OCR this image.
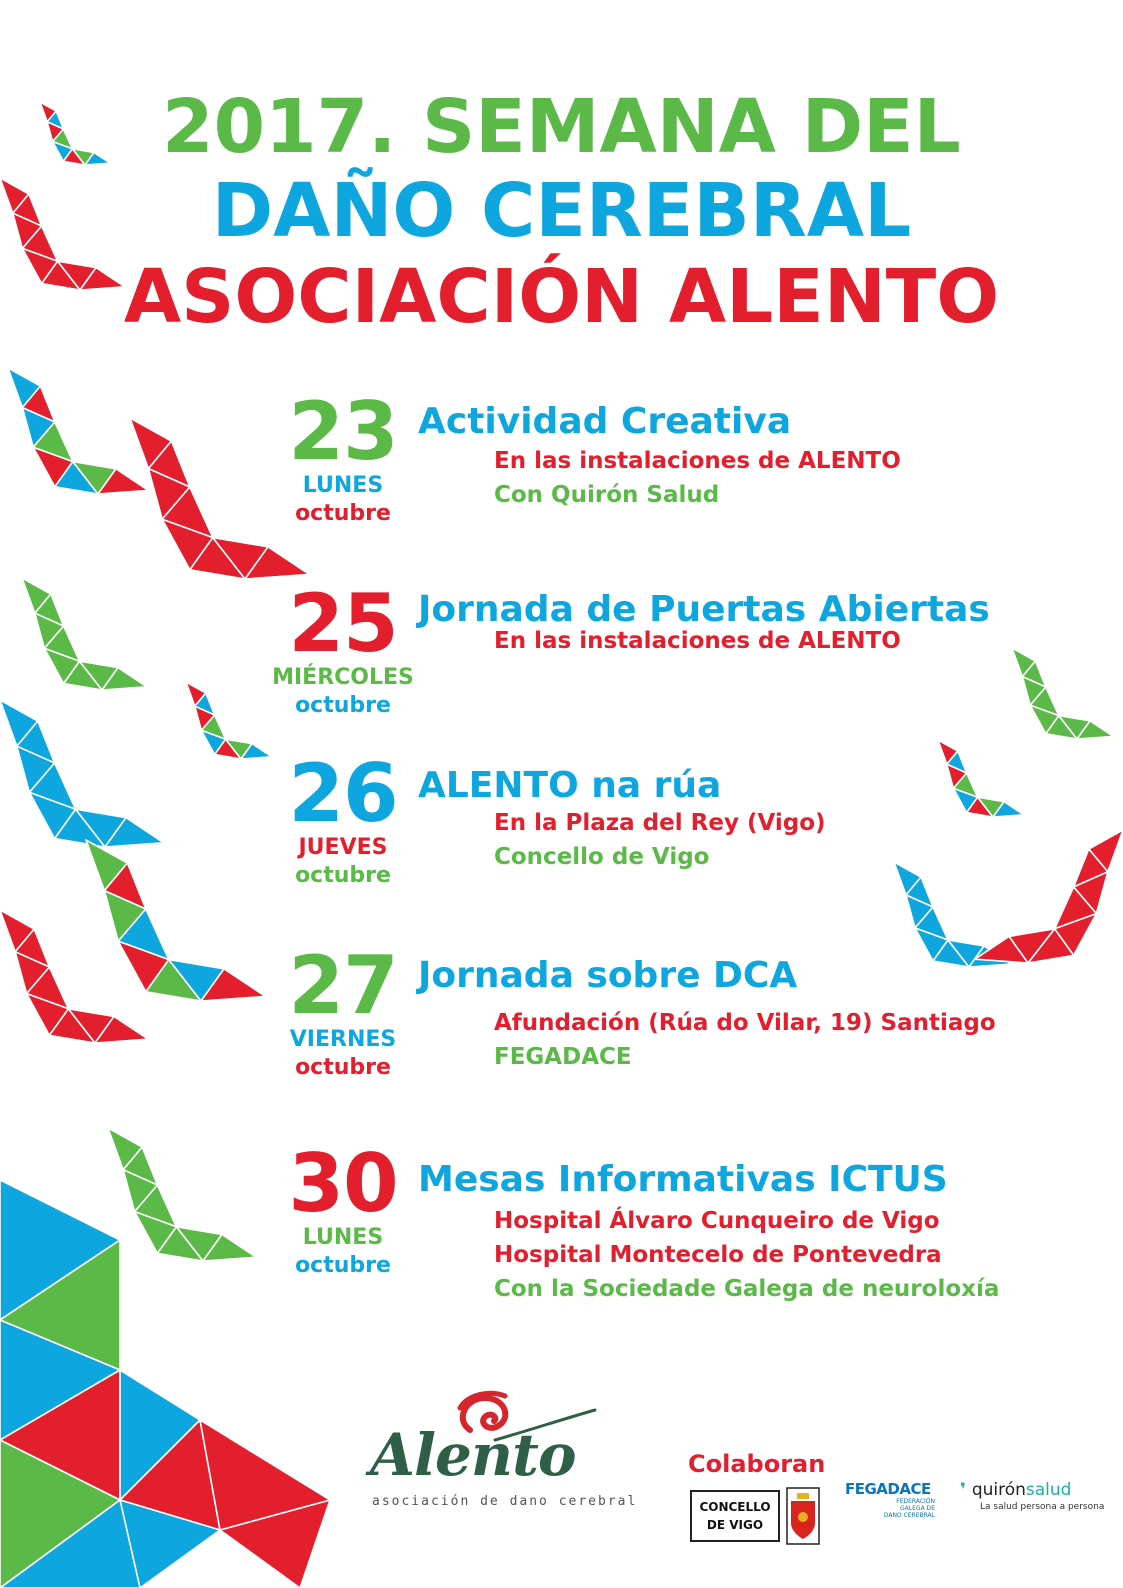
2017. SEMANA DEL
DAÑO CEREBRAL
ASOCIACIÓN ALENTO
23
LUNES
octubre
Actividad Creativa
En las instalaciones de ALENTO
Con Quirón Salud
25
MIÉRCOLES
octubre
Jornada de Puertas Abiertas
En las instalaciones de ALENTO
26
JUEVES
octubre
ALENTO na rúa
En la Plaza del Rey (Vigo)
Concello de Vigo
27
VIERNES
octubre
Jornada sobre DCA
Afundación (Rúa do Vilar, 19) Santiago
FEGADACE
30
LUNES
octubre
Mesas Informativas ICTUS
Hospital Álvaro Cunqueiro de Vigo
Hospital Montecelo de Pontevedra
Con la Sociedade Galega de neuroloxía
Alento
asociación de dano cerebral
Colaboran
CONCELLO
DE VIGO
FEGADACE
FEDERACIÓN
GALEGA DE
DANO CEREBRAL
❜ quirónsalud
La salud persona a persona
